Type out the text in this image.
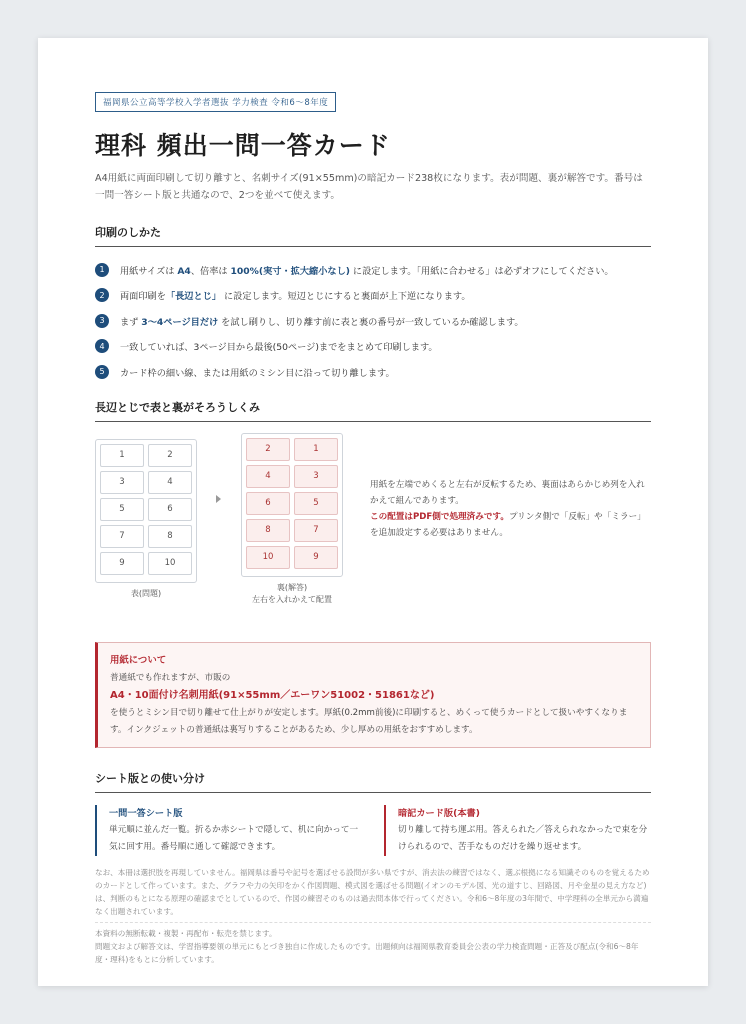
福岡県公立高等学校入学者選抜 学力検査 令和6～8年度
理科 頻出一問一答カード
A4用紙に両面印刷して切り離すと、名刺サイズ(91×55mm)の暗記カード238枚になります。表が問題、裏が解答です。番号は一問一答シート版と共通なので、2つを並べて使えます。
印刷のしかた
1	用紙サイズは A4、倍率は 100%(実寸・拡大縮小なし) に設定します。「用紙に合わせる」は必ずオフにしてください。
2	両面印刷を「長辺とじ」 に設定します。短辺とじにすると裏面が上下逆になります。
3	まず 3〜4ページ目だけ を試し刷りし、切り離す前に表と裏の番号が一致しているか確認します。
4	一致していれば、3ページ目から最後(50ページ)までをまとめて印刷します。
5	カード枠の細い線、または用紙のミシン目に沿って切り離します。
長辺とじで表と裏がそろうしくみ
1	2
3	4
5	6
7	8
9	10
表(問題)
2	1
4	3
6	5
8	7
10	9
裏(解答)
左右を入れかえて配置
用紙を左端でめくると左右が反転するため、裏面はあらかじめ列を入れかえて組んであります。
この配置はPDF側で処理済みです。プリンタ側で「反転」や「ミラー」を追加設定する必要はありません。
用紙について

普通紙でも作れますが、市販の

A4・10面付け名刺用紙(91×55mm／エーワン51002・51861など)

を使うとミシン目で切り離せて仕上がりが安定します。厚紙(0.2mm前後)に印刷すると、めくって使うカードとして扱いやすくなります。インクジェットの普通紙は裏写りすることがあるため、少し厚めの用紙をおすすめします。

シート版との使い分け
一問一答シート版
単元順に並んだ一覧。折るか赤シートで隠して、机に向かって一気に回す用。番号順に通して確認できます。
暗記カード版(本書)
切り離して持ち運ぶ用。答えられた／答えられなかったで束を分けられるので、苦手なものだけを繰り返せます。
なお、本冊は選択肢を再現していません。福岡県は番号や記号を選ばせる設問が多い県ですが、消去法の練習ではなく、選ぶ根拠になる知識そのものを覚えるためのカードとして作っています。また、グラフや力の矢印をかく作図問題、模式図を選ばせる問題(イオンのモデル図、光の道すじ、回路図、月や金星の見え方など)は、判断のもとになる原理の確認までとしているので、作図の練習そのものは過去問本体で行ってください。令和6～8年度の3年間で、中学理科の全単元から満遍なく出題されています。
本資料の無断転載・複製・再配布・転売を禁じます。
問題文および解答文は、学習指導要領の単元にもとづき独自に作成したものです。出題傾向は福岡県教育委員会公表の学力検査問題・正答及び配点(令和6～8年度・理科)をもとに分析しています。
